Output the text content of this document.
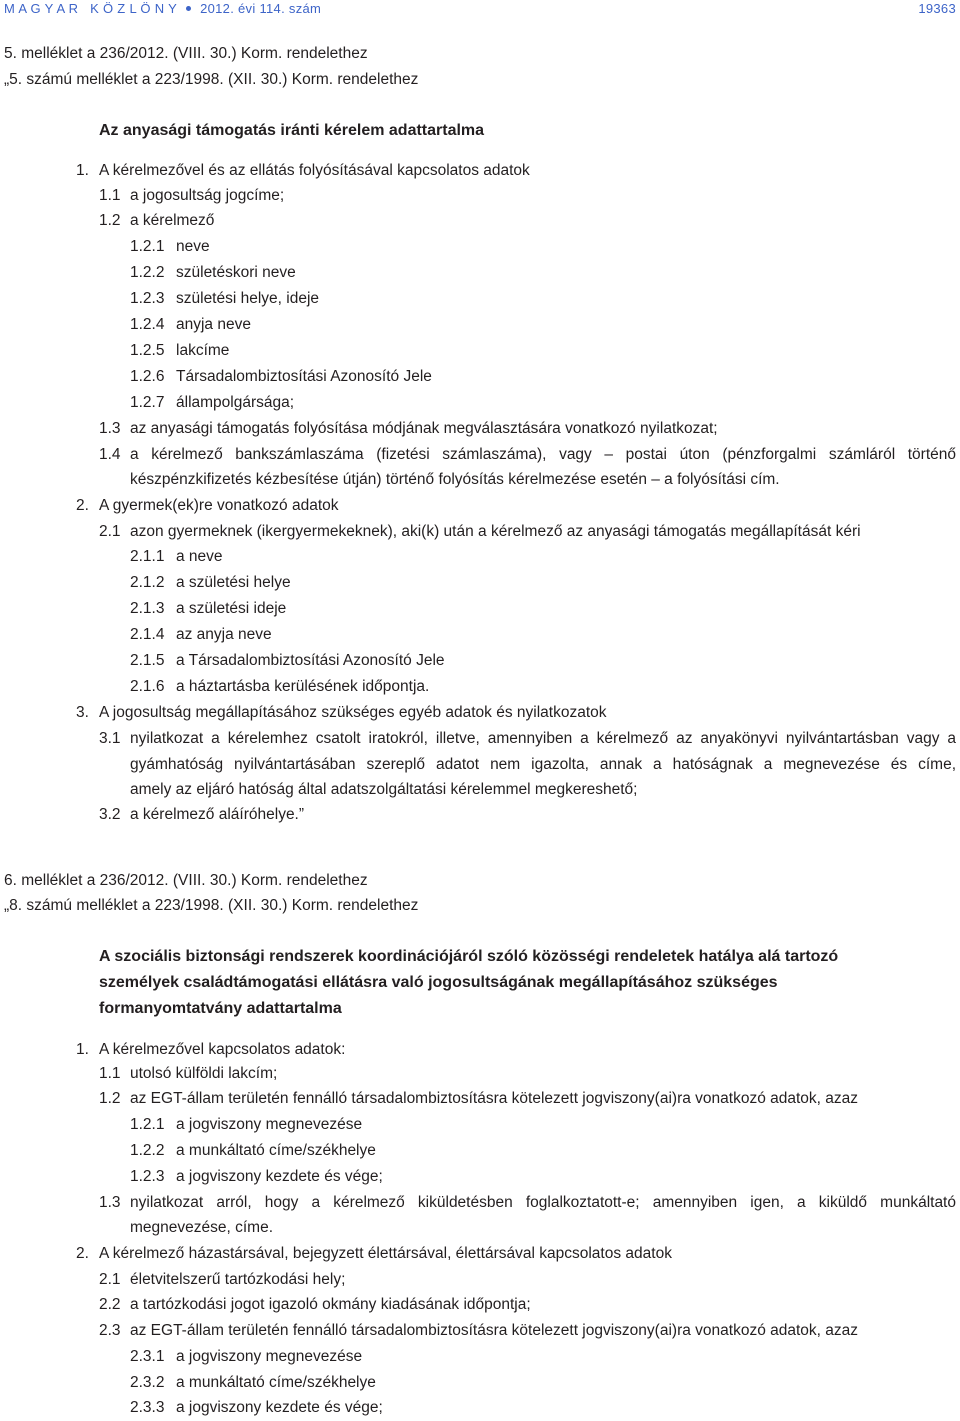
M A G Y A R   K Ö Z L Ö N Y 2012. évi 114. szám	19363
5. melléklet a 236/2012. (VIII. 30.) Korm. rendelethez
„5. számú melléklet a 223/1998. (XII. 30.) Korm. rendelethez
Az anyasági támogatás iránti kérelem adattartalma
1. A kérelmezővel és az ellátás folyósításával kapcsolatos adatok
1.1 a jogosultság jogcíme;
1.2 a kérelmező
1.2.1 neve
1.2.2 születéskori neve
1.2.3 születési helye, ideje
1.2.4 anyja neve
1.2.5 lakcíme
1.2.6 Társadalombiztosítási Azonosító Jele
1.2.7 állampolgársága;
1.3 az anyasági támogatás folyósítása módjának megválasztására vonatkozó nyilatkozat;
1.4 a kérelmező bankszámlaszáma (fizetési számlaszáma), vagy – postai úton (pénzforgalmi számláról történő
készpénzkifizetés kézbesítése útján) történő folyósítás kérelmezése esetén – a folyósítási cím.
2. A gyermek(ek)re vonatkozó adatok
2.1 azon gyermeknek (ikergyermekeknek), aki(k) után a kérelmező az anyasági támogatás megállapítását kéri
2.1.1 a neve
2.1.2 a születési helye
2.1.3 a születési ideje
2.1.4 az anyja neve
2.1.5 a Társadalombiztosítási Azonosító Jele
2.1.6 a háztartásba kerülésének időpontja.
3. A jogosultság megállapításához szükséges egyéb adatok és nyilatkozatok
3.1 nyilatkozat a kérelemhez csatolt iratokról, illetve, amennyiben a kérelmező az anyakönyvi nyilvántartásban vagy a
gyámhatóság nyilvántartásában szereplő adatot nem igazolta, annak a hatóságnak a megnevezése és címe,
amely az eljáró hatóság által adatszolgáltatási kérelemmel megkereshető;
3.2 a kérelmező aláíróhelye.”
6. melléklet a 236/2012. (VIII. 30.) Korm. rendelethez
„8. számú melléklet a 223/1998. (XII. 30.) Korm. rendelethez
A szociális biztonsági rendszerek koordinációjáról szóló közösségi rendeletek hatálya alá tartozó
személyek családtámogatási ellátásra való jogosultságának megállapításához szükséges
formanyomtatvány adattartalma
1. A kérelmezővel kapcsolatos adatok:
1.1 utolsó külföldi lakcím;
1.2 az EGT-állam területén fennálló társadalombiztosításra kötelezett jogviszony(ai)ra vonatkozó adatok, azaz
1.2.1 a jogviszony megnevezése
1.2.2 a munkáltató címe/székhelye
1.2.3 a jogviszony kezdete és vége;
1.3 nyilatkozat arról, hogy a kérelmező kiküldetésben foglalkoztatott-e; amennyiben igen, a kiküldő munkáltató
megnevezése, címe.
2. A kérelmező házastársával, bejegyzett élettársával, élettársával kapcsolatos adatok
2.1 életvitelszerű tartózkodási hely;
2.2 a tartózkodási jogot igazoló okmány kiadásának időpontja;
2.3 az EGT-állam területén fennálló társadalombiztosításra kötelezett jogviszony(ai)ra vonatkozó adatok, azaz
2.3.1 a jogviszony megnevezése
2.3.2 a munkáltató címe/székhelye
2.3.3 a jogviszony kezdete és vége;
